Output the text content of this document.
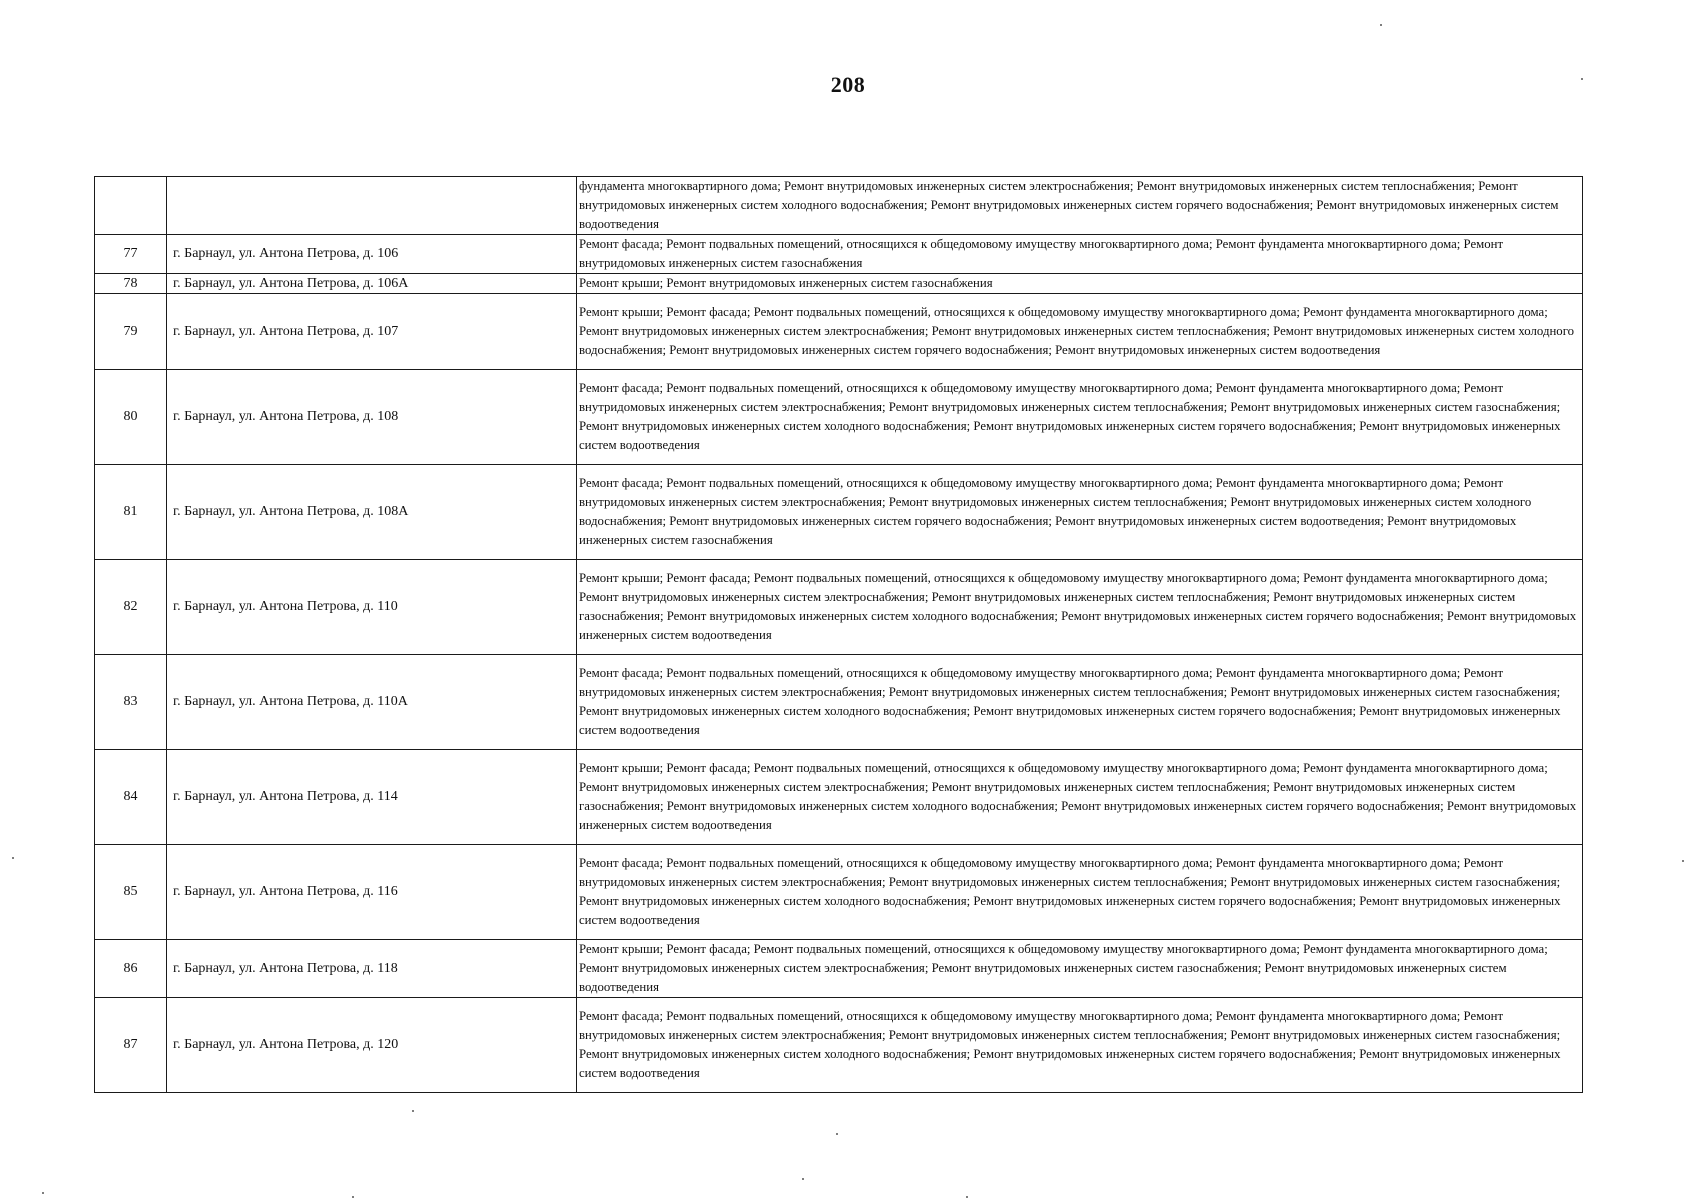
208
		фундамента многоквартирного дома; Ремонт внутридомовых инженерных систем электроснабжения; Ремонт внутридомовых инженерных систем теплоснабжения; Ремонт внутридомовых инженерных систем холодного водоснабжения; Ремонт внутридомовых инженерных систем горячего водоснабжения; Ремонт внутридомовых инженерных систем водоотведения
77	г. Барнаул, ул. Антона Петрова, д. 106	Ремонт фасада; Ремонт подвальных помещений, относящихся к общедомовому имуществу многоквартирного дома; Ремонт фундамента многоквартирного дома; Ремонт внутридомовых инженерных систем газоснабжения
78	г. Барнаул, ул. Антона Петрова, д. 106А	Ремонт крыши; Ремонт внутридомовых инженерных систем газоснабжения
79	г. Барнаул, ул. Антона Петрова, д. 107	Ремонт крыши; Ремонт фасада; Ремонт подвальных помещений, относящихся к общедомовому имуществу многоквартирного дома; Ремонт фундамента многоквартирного дома; Ремонт внутридомовых инженерных систем электроснабжения; Ремонт внутридомовых инженерных систем теплоснабжения; Ремонт внутридомовых инженерных систем холодного водоснабжения; Ремонт внутридомовых инженерных систем горячего водоснабжения; Ремонт внутридомовых инженерных систем водоотведения
80	г. Барнаул, ул. Антона Петрова, д. 108	Ремонт фасада; Ремонт подвальных помещений, относящихся к общедомовому имуществу многоквартирного дома; Ремонт фундамента многоквартирного дома; Ремонт внутридомовых инженерных систем электроснабжения; Ремонт внутридомовых инженерных систем теплоснабжения; Ремонт внутридомовых инженерных систем газоснабжения; Ремонт внутридомовых инженерных систем холодного водоснабжения; Ремонт внутридомовых инженерных систем горячего водоснабжения; Ремонт внутридомовых инженерных систем водоотведения
81	г. Барнаул, ул. Антона Петрова, д. 108А	Ремонт фасада; Ремонт подвальных помещений, относящихся к общедомовому имуществу многоквартирного дома; Ремонт фундамента многоквартирного дома; Ремонт внутридомовых инженерных систем электроснабжения; Ремонт внутридомовых инженерных систем теплоснабжения; Ремонт внутридомовых инженерных систем холодного водоснабжения; Ремонт внутридомовых инженерных систем горячего водоснабжения; Ремонт внутридомовых инженерных систем водоотведения; Ремонт внутридомовых инженерных систем газоснабжения
82	г. Барнаул, ул. Антона Петрова, д. 110	Ремонт крыши; Ремонт фасада; Ремонт подвальных помещений, относящихся к общедомовому имуществу многоквартирного дома; Ремонт фундамента многоквартирного дома; Ремонт внутридомовых инженерных систем электроснабжения; Ремонт внутридомовых инженерных систем теплоснабжения; Ремонт внутридомовых инженерных систем газоснабжения; Ремонт внутридомовых инженерных систем холодного водоснабжения; Ремонт внутридомовых инженерных систем горячего водоснабжения; Ремонт внутридомовых инженерных систем водоотведения
83	г. Барнаул, ул. Антона Петрова, д. 110А	Ремонт фасада; Ремонт подвальных помещений, относящихся к общедомовому имуществу многоквартирного дома; Ремонт фундамента многоквартирного дома; Ремонт внутридомовых инженерных систем электроснабжения; Ремонт внутридомовых инженерных систем теплоснабжения; Ремонт внутридомовых инженерных систем газоснабжения; Ремонт внутридомовых инженерных систем холодного водоснабжения; Ремонт внутридомовых инженерных систем горячего водоснабжения; Ремонт внутридомовых инженерных систем водоотведения
84	г. Барнаул, ул. Антона Петрова, д. 114	Ремонт крыши; Ремонт фасада; Ремонт подвальных помещений, относящихся к общедомовому имуществу многоквартирного дома; Ремонт фундамента многоквартирного дома; Ремонт внутридомовых инженерных систем электроснабжения; Ремонт внутридомовых инженерных систем теплоснабжения; Ремонт внутридомовых инженерных систем газоснабжения; Ремонт внутридомовых инженерных систем холодного водоснабжения; Ремонт внутридомовых инженерных систем горячего водоснабжения; Ремонт внутридомовых инженерных систем водоотведения
85	г. Барнаул, ул. Антона Петрова, д. 116	Ремонт фасада; Ремонт подвальных помещений, относящихся к общедомовому имуществу многоквартирного дома; Ремонт фундамента многоквартирного дома; Ремонт внутридомовых инженерных систем электроснабжения; Ремонт внутридомовых инженерных систем теплоснабжения; Ремонт внутридомовых инженерных систем газоснабжения; Ремонт внутридомовых инженерных систем холодного водоснабжения; Ремонт внутридомовых инженерных систем горячего водоснабжения; Ремонт внутридомовых инженерных систем водоотведения
86	г. Барнаул, ул. Антона Петрова, д. 118	Ремонт крыши; Ремонт фасада; Ремонт подвальных помещений, относящихся к общедомовому имуществу многоквартирного дома; Ремонт фундамента многоквартирного дома; Ремонт внутридомовых инженерных систем электроснабжения; Ремонт внутридомовых инженерных систем газоснабжения; Ремонт внутридомовых инженерных систем водоотведения
87	г. Барнаул, ул. Антона Петрова, д. 120	Ремонт фасада; Ремонт подвальных помещений, относящихся к общедомовому имуществу многоквартирного дома; Ремонт фундамента многоквартирного дома; Ремонт внутридомовых инженерных систем электроснабжения; Ремонт внутридомовых инженерных систем теплоснабжения; Ремонт внутридомовых инженерных систем газоснабжения; Ремонт внутридомовых инженерных систем холодного водоснабжения; Ремонт внутридомовых инженерных систем горячего водоснабжения; Ремонт внутридомовых инженерных систем водоотведения
